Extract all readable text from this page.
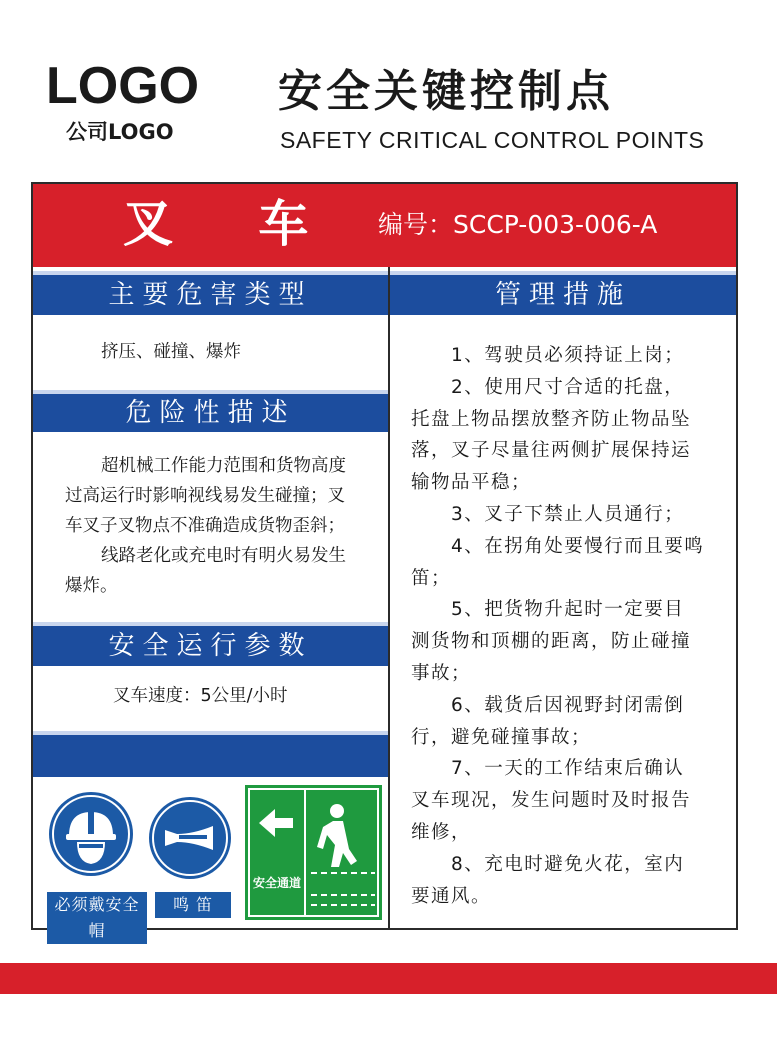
LOGO
公司LOGO
安全关键控制点
SAFETY CRITICAL CONTROL POINTS
叉 车 编号：SCCP-003-006-A
主要危害类型
挤压、碰撞、爆炸
危险性描述
超机械工作能力范围和货物高度
过高运行时影响视线易发生碰撞；叉
车叉子叉物点不准确造成货物歪斜；
线路老化或充电时有明火易发生
爆炸。
安全运行参数
叉车速度：5公里/小时
必须戴安全帽
鸣 笛
安全通道
管理措施

1、驾驶员必须持证上岗；

2、使用尺寸合适的托盘，

托盘上物品摆放整齐防止物品坠

落，叉子尽量往两侧扩展保持运

输物品平稳；

3、叉子下禁止人员通行；

4、在拐角处要慢行而且要鸣

笛；

5、把货物升起时一定要目

测货物和顶棚的距离，防止碰撞

事故；

6、载货后因视野封闭需倒

行，避免碰撞事故；

7、一天的工作结束后确认

叉车现况，发生问题时及时报告

维修，

8、充电时避免火花，室内

要通风。
